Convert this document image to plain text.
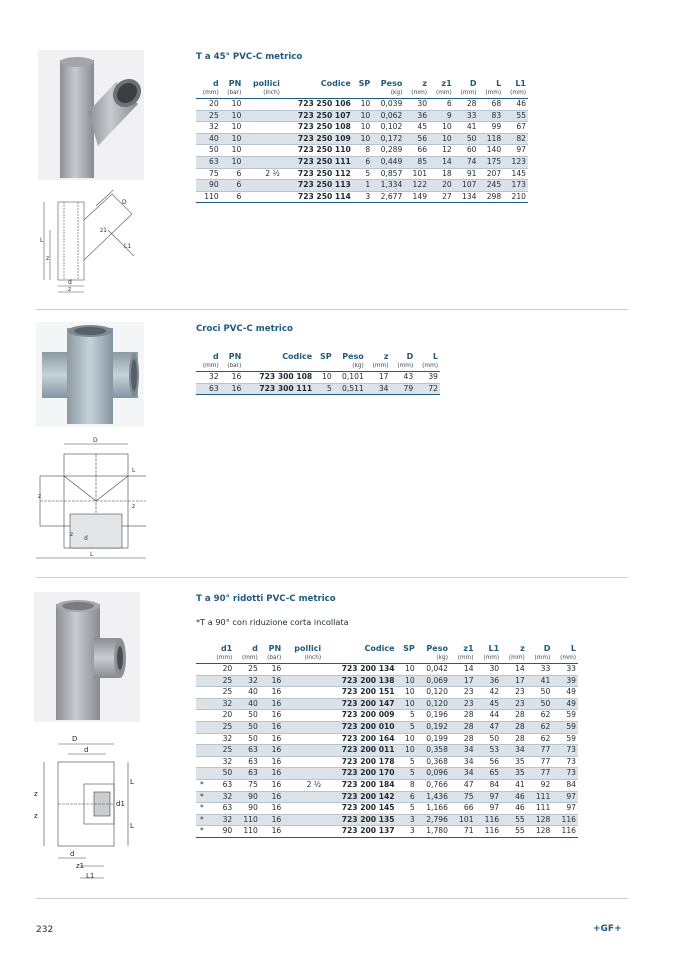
D
L1
L
z
z1
d
z
T a 45° PVC-C metrico
d	PN	pollici	Codice	SP	Peso	z	z1	D	L	L1
(mm)	(bar)	(inch)			(kg)	(mm)	(mm)	(mm)	(mm)	(mm)
20	10		723 250 106	10	0,039	30	6	28	68	46
25	10		723 250 107	10	0,062	36	9	33	83	55
32	10		723 250 108	10	0,102	45	10	41	99	67
40	10		723 250 109	10	0,172	56	10	50	118	82
50	10		723 250 110	8	0,289	66	12	60	140	97
63	10		723 250 111	6	0,449	85	14	74	175	123
75	6	2 ½	723 250 112	5	0,857	101	18	91	207	145
90	6		723 250 113	1	1,334	122	20	107	245	173
110	6		723 250 114	3	2,677	149	27	134	298	210
D
L
z
z
z
d
L
Croci PVC-C metrico
d	PN	Codice	SP	Peso	z	D	L
(mm)	(bar)			(kg)	(mm)	(mm)	(mm)
32	16	723 300 108	10	0,101	17	43	39
63	16	723 300 111	5	0,511	34	79	72
D
d
L
z
z
d1
L
d
z1
L1
T a 90° ridotti PVC-C metrico
*T a 90° con riduzione corta incollata
	d1	d	PN	pollici	Codice	SP	Peso	z1	L1	z	D	L
	(mm)	(mm)	(bar)	(inch)			(kg)	(mm)	(mm)	(mm)	(mm)	(mm)
	20	25	16		723 200 134	10	0,042	14	30	14	33	33
	25	32	16		723 200 138	10	0,069	17	36	17	41	39
	25	40	16		723 200 151	10	0,120	23	42	23	50	49
	32	40	16		723 200 147	10	0,120	23	45	23	50	49
	20	50	16		723 200 009	5	0,196	28	44	28	62	59
	25	50	16		723 200 010	5	0,192	28	47	28	62	59
	32	50	16		723 200 164	10	0,199	28	50	28	62	59
	25	63	16		723 200 011	10	0,358	34	53	34	77	73
	32	63	16		723 200 178	5	0,368	34	56	35	77	73
	50	63	16		723 200 170	5	0,096	34	65	35	77	73
*	63	75	16	2 ½	723 200 184	8	0,766	47	84	41	92	84
*	32	90	16		723 200 142	6	1,436	75	97	46	111	97
*	63	90	16		723 200 145	5	1,166	66	97	46	111	97
*	32	110	16		723 200 135	3	2,796	101	116	55	128	116
*	90	110	16		723 200 137	3	1,780	71	116	55	128	116
232	+GF+
